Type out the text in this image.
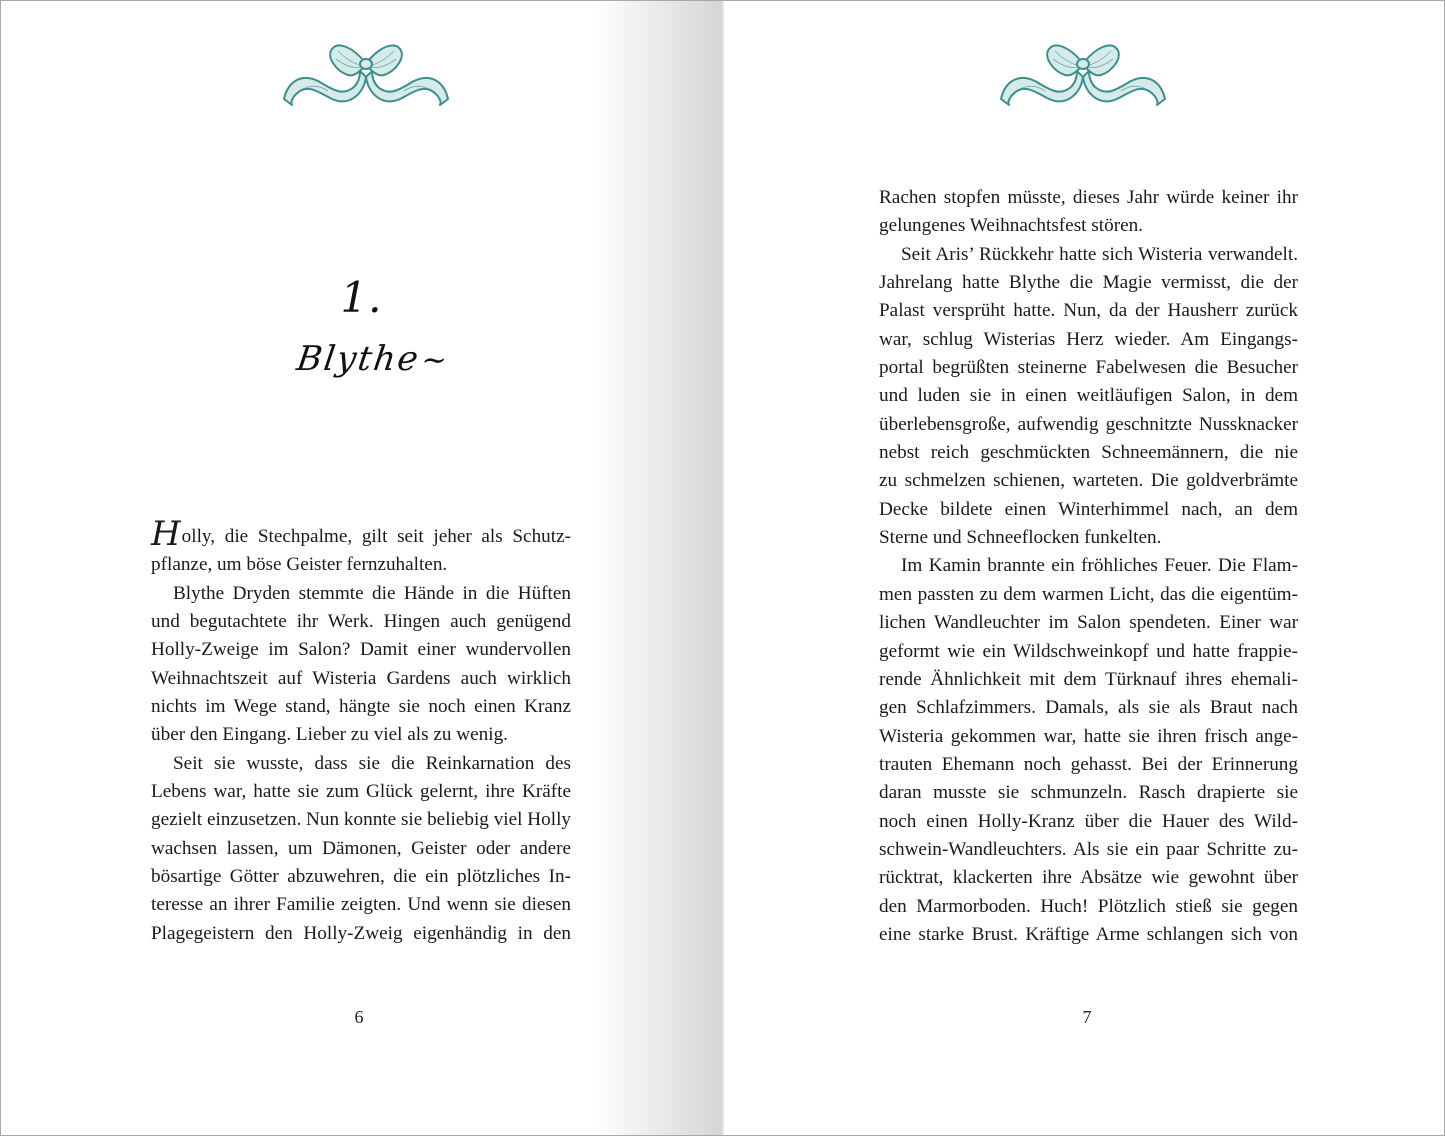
1.
Blythe~

Holly, die Stechpalme, gilt seit jeher als Schutz-
pflanze, um böse Geister fernzuhalten.

Blythe Dryden stemmte die Hände in die Hüften
und begutachtete ihr Werk. Hingen auch genügend
Holly-Zweige im Salon? Damit einer wundervollen
Weihnachtszeit auf Wisteria Gardens auch wirklich
nichts im Wege stand, hängte sie noch einen Kranz
über den Eingang. Lieber zu viel als zu wenig.

Seit sie wusste, dass sie die Reinkarnation des
Lebens war, hatte sie zum Glück gelernt, ihre Kräfte
gezielt einzusetzen. Nun konnte sie beliebig viel Holly
wachsen lassen, um Dämonen, Geister oder andere
bösartige Götter abzuwehren, die ein plötzliches In-
teresse an ihrer Familie zeigten. Und wenn sie diesen
Plagegeistern den Holly-Zweig eigenhändig in den

6

Rachen stopfen müsste, dieses Jahr würde keiner ihr
gelungenes Weihnachtsfest stören.

Seit Aris’ Rückkehr hatte sich Wisteria verwandelt.
Jahrelang hatte Blythe die Magie vermisst, die der
Palast versprüht hatte. Nun, da der Hausherr zurück
war, schlug Wisterias Herz wieder. Am Eingangs-
portal begrüßten steinerne Fabelwesen die Besucher
und luden sie in einen weitläufigen Salon, in dem
überlebensgroße, aufwendig geschnitzte Nussknacker
nebst reich geschmückten Schneemännern, die nie
zu schmelzen schienen, warteten. Die goldverbrämte
Decke bildete einen Winterhimmel nach, an dem
Sterne und Schneeflocken funkelten.

Im Kamin brannte ein fröhliches Feuer. Die Flam-
men passten zu dem warmen Licht, das die eigentüm-
lichen Wandleuchter im Salon spendeten. Einer war
geformt wie ein Wildschweinkopf und hatte frappie-
rende Ähnlichkeit mit dem Türknauf ihres ehemali-
gen Schlafzimmers. Damals, als sie als Braut nach
Wisteria gekommen war, hatte sie ihren frisch ange-
trauten Ehemann noch gehasst. Bei der Erinnerung
daran musste sie schmunzeln. Rasch drapierte sie
noch einen Holly-Kranz über die Hauer des Wild-
schwein-Wandleuchters. Als sie ein paar Schritte zu-
rücktrat, klackerten ihre Absätze wie gewohnt über
den Marmorboden. Huch! Plötzlich stieß sie gegen
eine starke Brust. Kräftige Arme schlangen sich von

7
